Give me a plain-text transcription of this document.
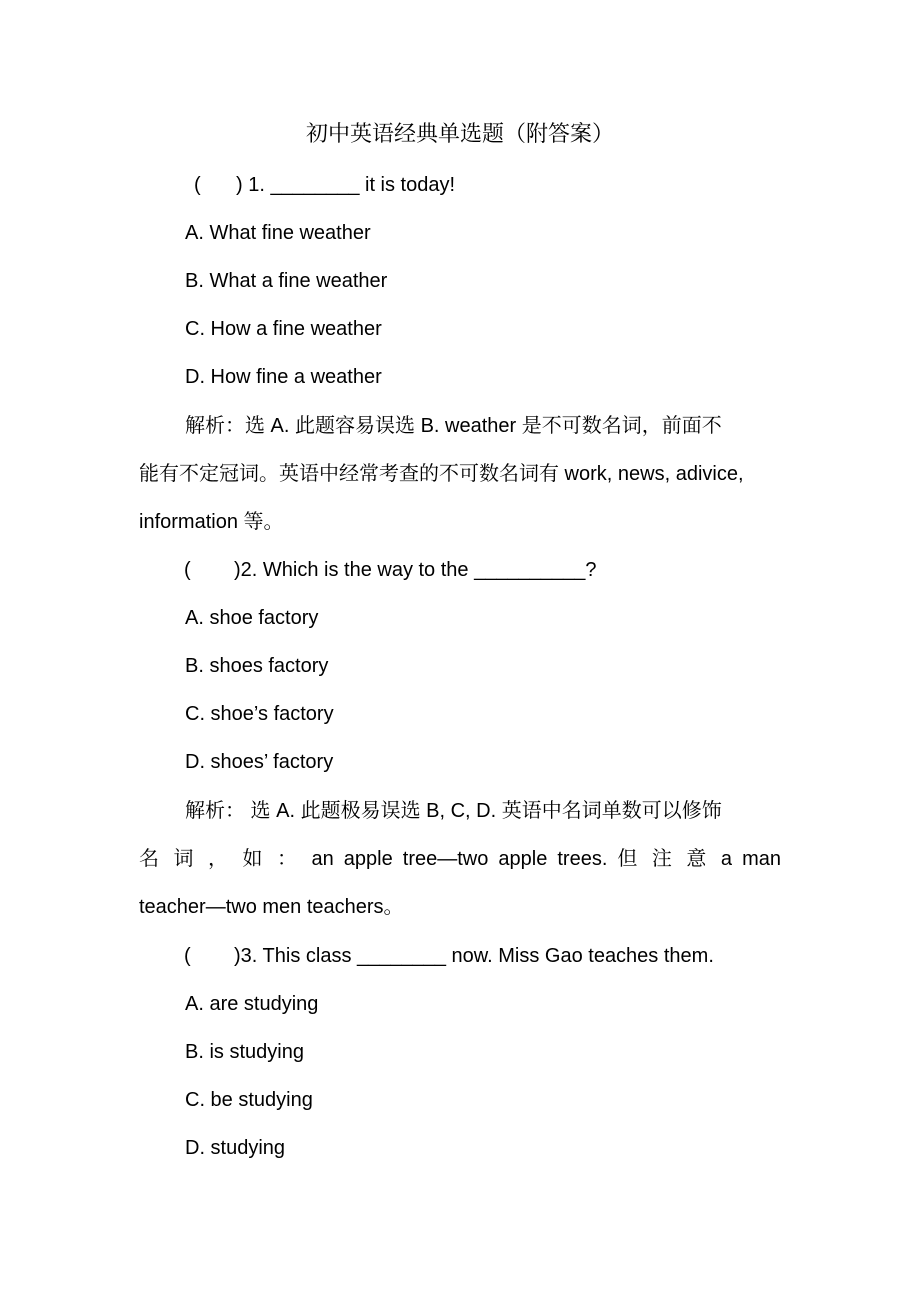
初中英语经典单选题（附答案）
( ) 1. ________ it is today!
A. What fine weather
B. What a fine weather
C. How a fine weather
D. How fine a weather
解析：选 A. 此题容易误选 B. weather 是不可数名词，前面不
能有不定冠词。英语中经常考查的不可数名词有 work, news, adivice,
information 等。
( )2. Which is the way to the __________?
A. shoe factory
B. shoes factory
C. shoe’s factory
D. shoes’ factory
解析： 选 A. 此题极易误选 B, C, D. 英语中名词单数可以修饰
名 词 ， 如 ： an apple tree—two apple trees. 但 注 意 a man
teacher—two men teachers。
( )3. This class ________ now. Miss Gao teaches them.
A. are studying
B. is studying
C. be studying
D. studying
